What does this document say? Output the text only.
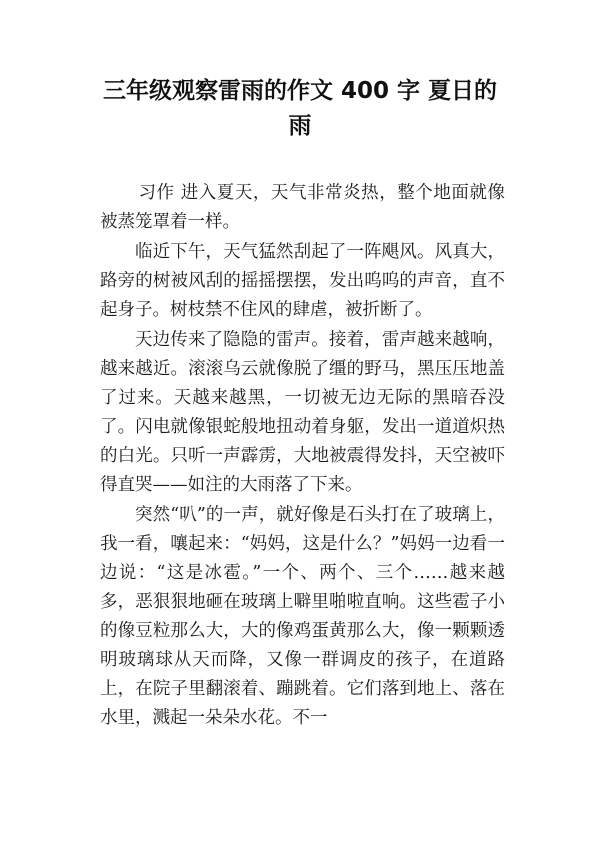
三年级观察雷雨的作文 400 字 夏日的
雨

习作 进入夏天，天气非常炎热，整个地面就像被蒸笼罩着一样。

临近下午，天气猛然刮起了一阵飓风。风真大，路旁的树被风刮的摇摇摆摆，发出呜呜的声音，直不起身子。树枝禁不住风的肆虐，被折断了。

天边传来了隐隐的雷声。接着，雷声越来越响，越来越近。滚滚乌云就像脱了缰的野马，黑压压地盖了过来。天越来越黑，一切被无边无际的黑暗吞没了。闪电就像银蛇般地扭动着身躯，发出一道道炽热的白光。只听一声霹雳，大地被震得发抖，天空被吓得直哭——如注的大雨落了下来。

突然“叭”的一声，就好像是石头打在了玻璃上，我一看，嚷起来：“妈妈，这是什么？”妈妈一边看一边说：“这是冰雹。”一个、两个、三个……越来越多，恶狠狠地砸在玻璃上噼里啪啦直响。这些雹子小的像豆粒那么大，大的像鸡蛋黄那么大，像一颗颗透明玻璃球从天而降，又像一群调皮的孩子，在道路上，在院子里翻滚着、蹦跳着。它们落到地上、落在水里，溅起一朵朵水花。不一
